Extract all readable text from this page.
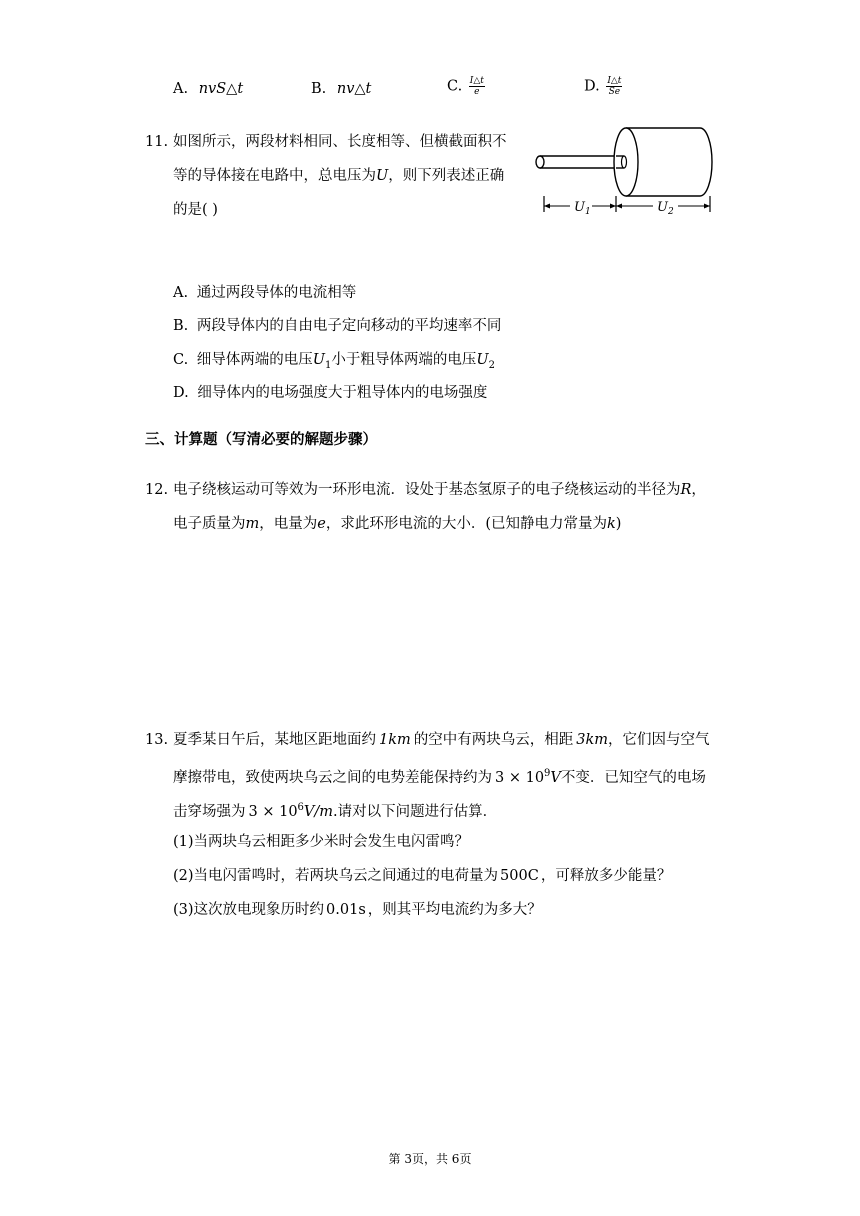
A. nvS△t	B. nv△t	C. $\frac{I\triangle t}{e}$	D. $\frac{I\triangle t}{Se}$
11. 如图所示，两段材料相同、长度相等、但横截面积不
等的导体接在电路中，总电压为U，则下列表述正确
的是( )	$U_1$	$U_2$
A. 通过两段导体的电流相等
B. 两段导体内的自由电子定向移动的平均速率不同
C. 细导体两端的电压$U_1$小于粗导体两端的电压$U_2$
D. 细导体内的电场强度大于粗导体内的电场强度
三、计算题（写清必要的解题步骤）
12. 电子绕核运动可等效为一环形电流．设处于基态氢原子的电子绕核运动的半径为R，
电子质量为m，电量为e，求此环形电流的大小．(已知静电力常量为k)
13. 夏季某日午后，某地区距地面约 1km 的空中有两块乌云，相距 3km，它们因与空气
摩擦带电，致使两块乌云之间的电势差能保持约为 $3 \times 10^9V$不变．已知空气的电场
击穿场强为 $3 \times 10^6V/m$.请对以下问题进行估算．
(1)当两块乌云相距多少米时会发生电闪雷鸣？
(2)当电闪雷鸣时，若两块乌云之间通过的电荷量为 500C ，可释放多少能量？
(3)这次放电现象历时约 0.01s ，则其平均电流约为多大？
第 3页，共 6页
